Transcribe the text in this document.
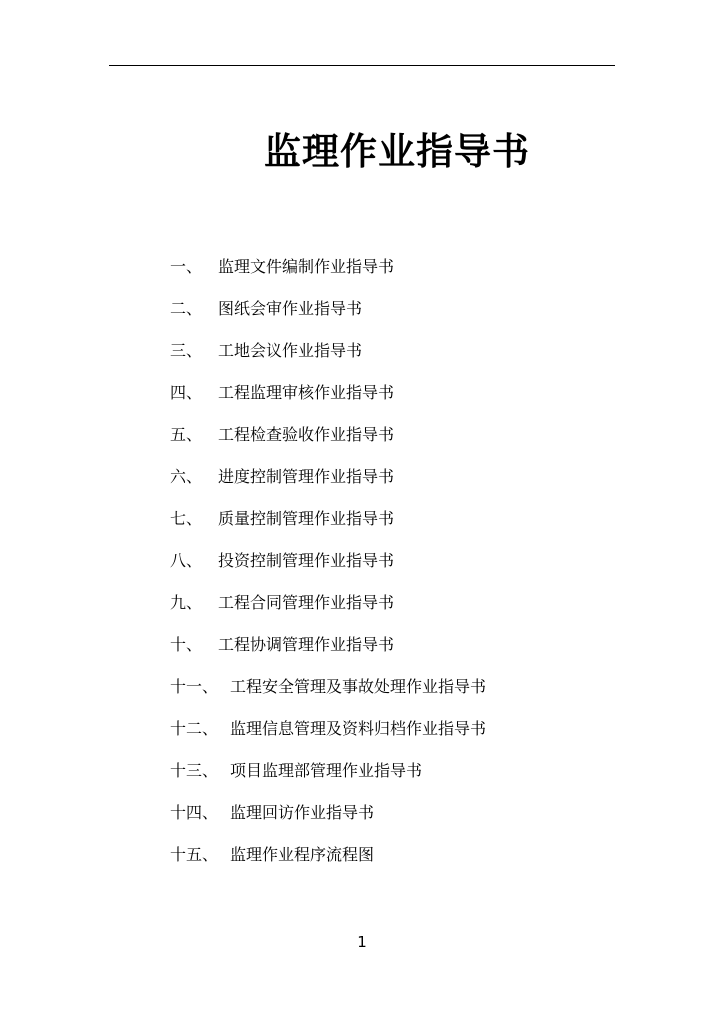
监理作业指导书
一、 监理文件编制作业指导书
二、 图纸会审作业指导书
三、 工地会议作业指导书
四、 工程监理审核作业指导书
五、 工程检查验收作业指导书
六、 进度控制管理作业指导书
七、 质量控制管理作业指导书
八、 投资控制管理作业指导书
九、 工程合同管理作业指导书
十、 工程协调管理作业指导书
十一、 工程安全管理及事故处理作业指导书
十二、 监理信息管理及资料归档作业指导书
十三、 项目监理部管理作业指导书
十四、 监理回访作业指导书
十五、 监理作业程序流程图
1
